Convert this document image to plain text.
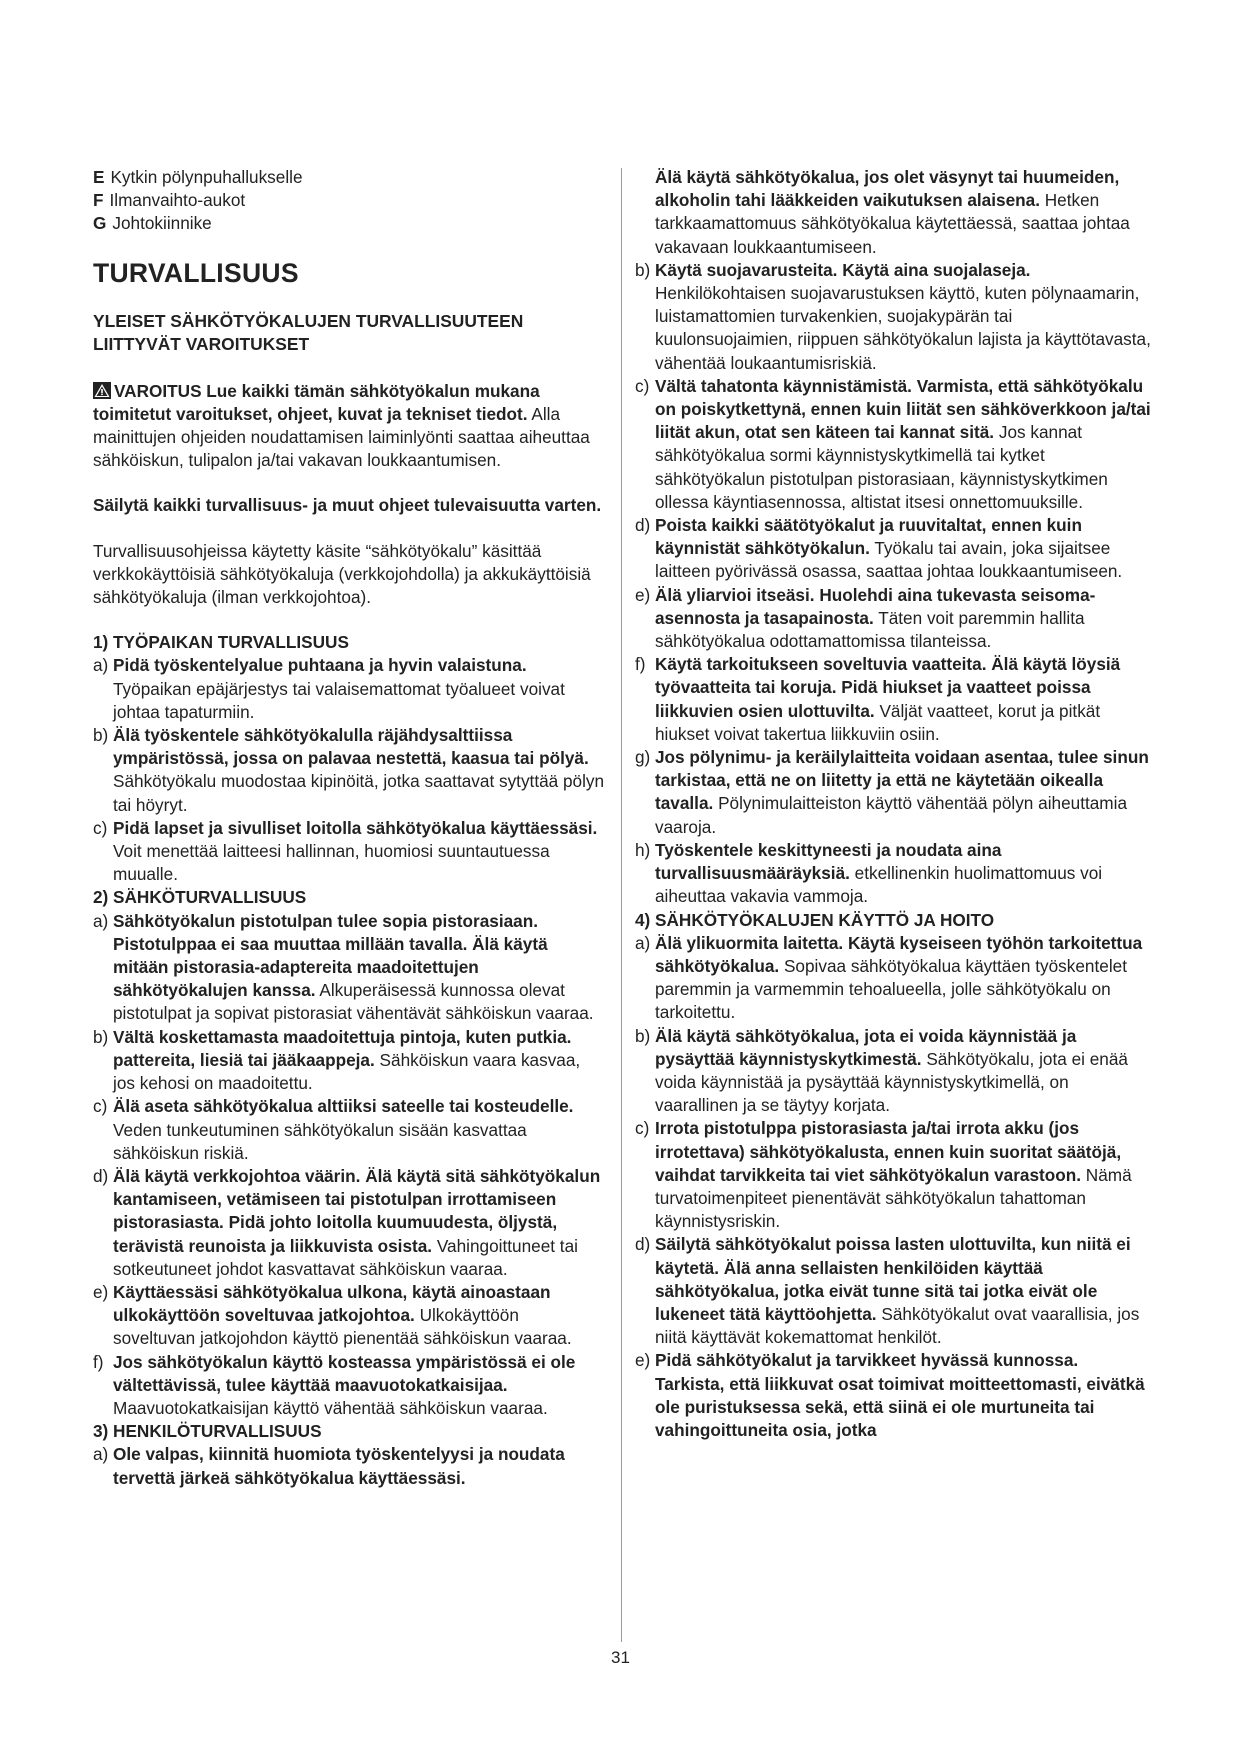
E Kytkin pölynpuhallukselle

F Ilmanvaihto-aukot

G Johtokiinnike

TURVALLISUUS

YLEISET SÄHKÖTYÖKALUJEN TURVALLISUUTEEN LIITTYVÄT VAROITUKSET

VAROITUS Lue kaikki tämän sähkötyökalun mukana toimitetut varoitukset, ohjeet, kuvat ja tekniset tiedot. Alla mainittujen ohjeiden noudattamisen laiminlyönti saattaa aiheuttaa sähköiskun, tulipalon ja/tai vakavan loukkaantumisen.

Säilytä kaikki turvallisuus- ja muut ohjeet tulevaisuutta varten.

Turvallisuusohjeissa käytetty käsite “sähkötyökalu” käsittää verkkokäyttöisiä sähkötyökaluja (verkkojohdolla) ja akkukäyttöisiä sähkötyökaluja (ilman verkkojohtoa).

1) TYÖPAIKAN TURVALLISUUS

a) Pidä työskentelyalue puhtaana ja hyvin valaistuna. Työpaikan epäjärjestys tai valaisemattomat työalueet voivat johtaa tapaturmiin.
b) Älä työskentele sähkötyökalulla räjähdysalttiissa ympäristössä, jossa on palavaa nestettä, kaasua tai pölyä. Sähkötyökalu muodostaa kipinöitä, jotka saattavat sytyttää pölyn tai höyryt.
c) Pidä lapset ja sivulliset loitolla sähkötyökalua käyttäessäsi. Voit menettää laitteesi hallinnan, huomiosi suuntautuessa muualle.

2) SÄHKÖTURVALLISUUS

a) Sähkötyökalun pistotulpan tulee sopia pistorasiaan. Pistotulppaa ei saa muuttaa millään tavalla. Älä käytä mitään pistorasia-adaptereita maadoitettujen sähkötyökalujen kanssa. Alkuperäisessä kunnossa olevat pistotulpat ja sopivat pistorasiat vähentävät sähköiskun vaaraa.
b) Vältä koskettamasta maadoitettuja pintoja, kuten putkia. pattereita, liesiä tai jääkaappeja. Sähköiskun vaara kasvaa, jos kehosi on maadoitettu.
c) Älä aseta sähkötyökalua alttiiksi sateelle tai kosteudelle. Veden tunkeutuminen sähkötyökalun sisään kasvattaa sähköiskun riskiä.
d) Älä käytä verkkojohtoa väärin. Älä käytä sitä sähkötyökalun kantamiseen, vetämiseen tai pistotulpan irrottamiseen pistorasiasta. Pidä johto loitolla kuumuudesta, öljystä, terävistä reunoista ja liikkuvista osista. Vahingoittuneet tai sotkeutuneet johdot kasvattavat sähköiskun vaaraa.
e) Käyttäessäsi sähkötyökalua ulkona, käytä ainoastaan ulkokäyttöön soveltuvaa jatkojohtoa. Ulkokäyttöön soveltuvan jatkojohdon käyttö pienentää sähköiskun vaaraa.
f) Jos sähkötyökalun käyttö kosteassa ympäristössä ei ole vältettävissä, tulee käyttää maavuotokatkaisijaa. Maavuotokatkaisijan käyttö vähentää sähköiskun vaaraa.

3) HENKILÖTURVALLISUUS

a) Ole valpas, kiinnitä huomiota työskentelyysi ja noudata tervettä järkeä sähkötyökalua käyttäessäsi.
Älä käytä sähkötyökalua, jos olet väsynyt tai huumeiden, alkoholin tahi lääkkeiden vaikutuksen alaisena. Hetken tarkkaamattomuus sähkötyökalua käytettäessä, saattaa johtaa vakavaan loukkaantumiseen.
b) Käytä suojavarusteita. Käytä aina suojalaseja. Henkilökohtaisen suojavarustuksen käyttö, kuten pölynaamarin, luistamattomien turvakenkien, suojakypärän tai kuulonsuojaimien, riippuen sähkötyökalun lajista ja käyttötavasta, vähentää loukaantumisriskiä.
c) Vältä tahatonta käynnistämistä. Varmista, että sähkötyökalu on poiskytkettynä, ennen kuin liität sen sähköverkkoon ja/tai liität akun, otat sen käteen tai kannat sitä. Jos kannat sähkötyökalua sormi käynnistyskytkimellä tai kytket sähkötyökalun pistotulpan pistorasiaan, käynnistyskytkimen ollessa käyntiasennossa, altistat itsesi onnettomuuksille.
d) Poista kaikki säätötyökalut ja ruuvitaltat, ennen kuin käynnistät sähkötyökalun. Työkalu tai avain, joka sijaitsee laitteen pyörivässä osassa, saattaa johtaa loukkaantumiseen.
e) Älä yliarvioi itseäsi. Huolehdi aina tukevasta seisoma-asennosta ja tasapainosta. Täten voit paremmin hallita sähkötyökalua odottamattomissa tilanteissa.
f) Käytä tarkoitukseen soveltuvia vaatteita. Älä käytä löysiä työvaatteita tai koruja. Pidä hiukset ja vaatteet poissa liikkuvien osien ulottuvilta. Väljät vaatteet, korut ja pitkät hiukset voivat takertua liikkuviin osiin.
g) Jos pölynimu- ja keräilylaitteita voidaan asentaa, tulee sinun tarkistaa, että ne on liitetty ja että ne käytetään oikealla tavalla. Pölynimulaitteiston käyttö vähentää pölyn aiheuttamia vaaroja.
h) Työskentele keskittyneesti ja noudata aina turvallisuusmääräyksiä. etkellinenkin huolimattomuus voi aiheuttaa vakavia vammoja.

4) SÄHKÖTYÖKALUJEN KÄYTTÖ JA HOITO

a) Älä ylikuormita laitetta. Käytä kyseiseen työhön tarkoitettua sähkötyökalua. Sopivaa sähkötyökalua käyttäen työskentelet paremmin ja varmemmin tehoalueella, jolle sähkötyökalu on tarkoitettu.
b) Älä käytä sähkötyökalua, jota ei voida käynnistää ja pysäyttää käynnistyskytkimestä. Sähkötyökalu, jota ei enää voida käynnistää ja pysäyttää käynnistyskytkimellä, on vaarallinen ja se täytyy korjata.
c) Irrota pistotulppa pistorasiasta ja/tai irrota akku (jos irrotettava) sähkötyökalusta, ennen kuin suoritat säätöjä, vaihdat tarvikkeita tai viet sähkötyökalun varastoon. Nämä turvatoimenpiteet pienentävät sähkötyökalun tahattoman käynnistysriskin.
d) Säilytä sähkötyökalut poissa lasten ulottuvilta, kun niitä ei käytetä. Älä anna sellaisten henkilöiden käyttää sähkötyökalua, jotka eivät tunne sitä tai jotka eivät ole lukeneet tätä käyttöohjetta. Sähkötyökalut ovat vaarallisia, jos niitä käyttävät kokemattomat henkilöt.
e) Pidä sähkötyökalut ja tarvikkeet hyvässä kunnossa. Tarkista, että liikkuvat osat toimivat moitteettomasti, eivätkä ole puristuksessa sekä, että siinä ei ole murtuneita tai vahingoittuneita osia, jotka
31
